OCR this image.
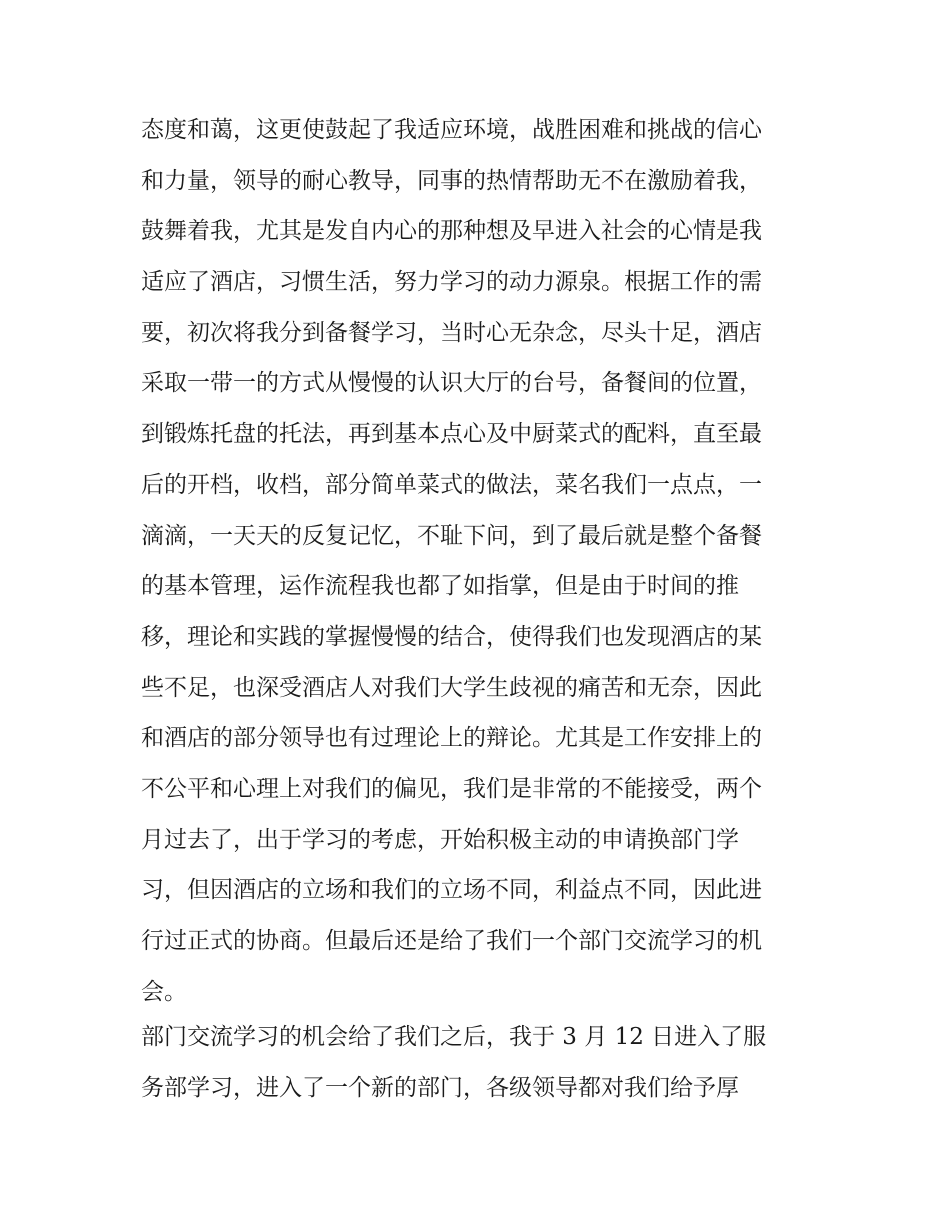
态度和蔼，这更使鼓起了我适应环境，战胜困难和挑战的信心
和力量，领导的耐心教导，同事的热情帮助无不在激励着我，
鼓舞着我，尤其是发自内心的那种想及早进入社会的心情是我
适应了酒店，习惯生活，努力学习的动力源泉。根据工作的需
要，初次将我分到备餐学习，当时心无杂念，尽头十足，酒店
采取一带一的方式从慢慢的认识大厅的台号，备餐间的位置，
到锻炼托盘的托法，再到基本点心及中厨菜式的配料，直至最
后的开档，收档，部分简单菜式的做法，菜名我们一点点，一
滴滴，一天天的反复记忆，不耻下问，到了最后就是整个备餐
的基本管理，运作流程我也都了如指掌，但是由于时间的推
移，理论和实践的掌握慢慢的结合，使得我们也发现酒店的某
些不足，也深受酒店人对我们大学生歧视的痛苦和无奈，因此
和酒店的部分领导也有过理论上的辩论。尤其是工作安排上的
不公平和心理上对我们的偏见，我们是非常的不能接受，两个
月过去了，出于学习的考虑，开始积极主动的申请换部门学
习，但因酒店的立场和我们的立场不同，利益点不同，因此进
行过正式的协商。但最后还是给了我们一个部门交流学习的机
会。
部门交流学习的机会给了我们之后，我于 3 月 12 日进入了服
务部学习，进入了一个新的部门，各级领导都对我们给予厚
